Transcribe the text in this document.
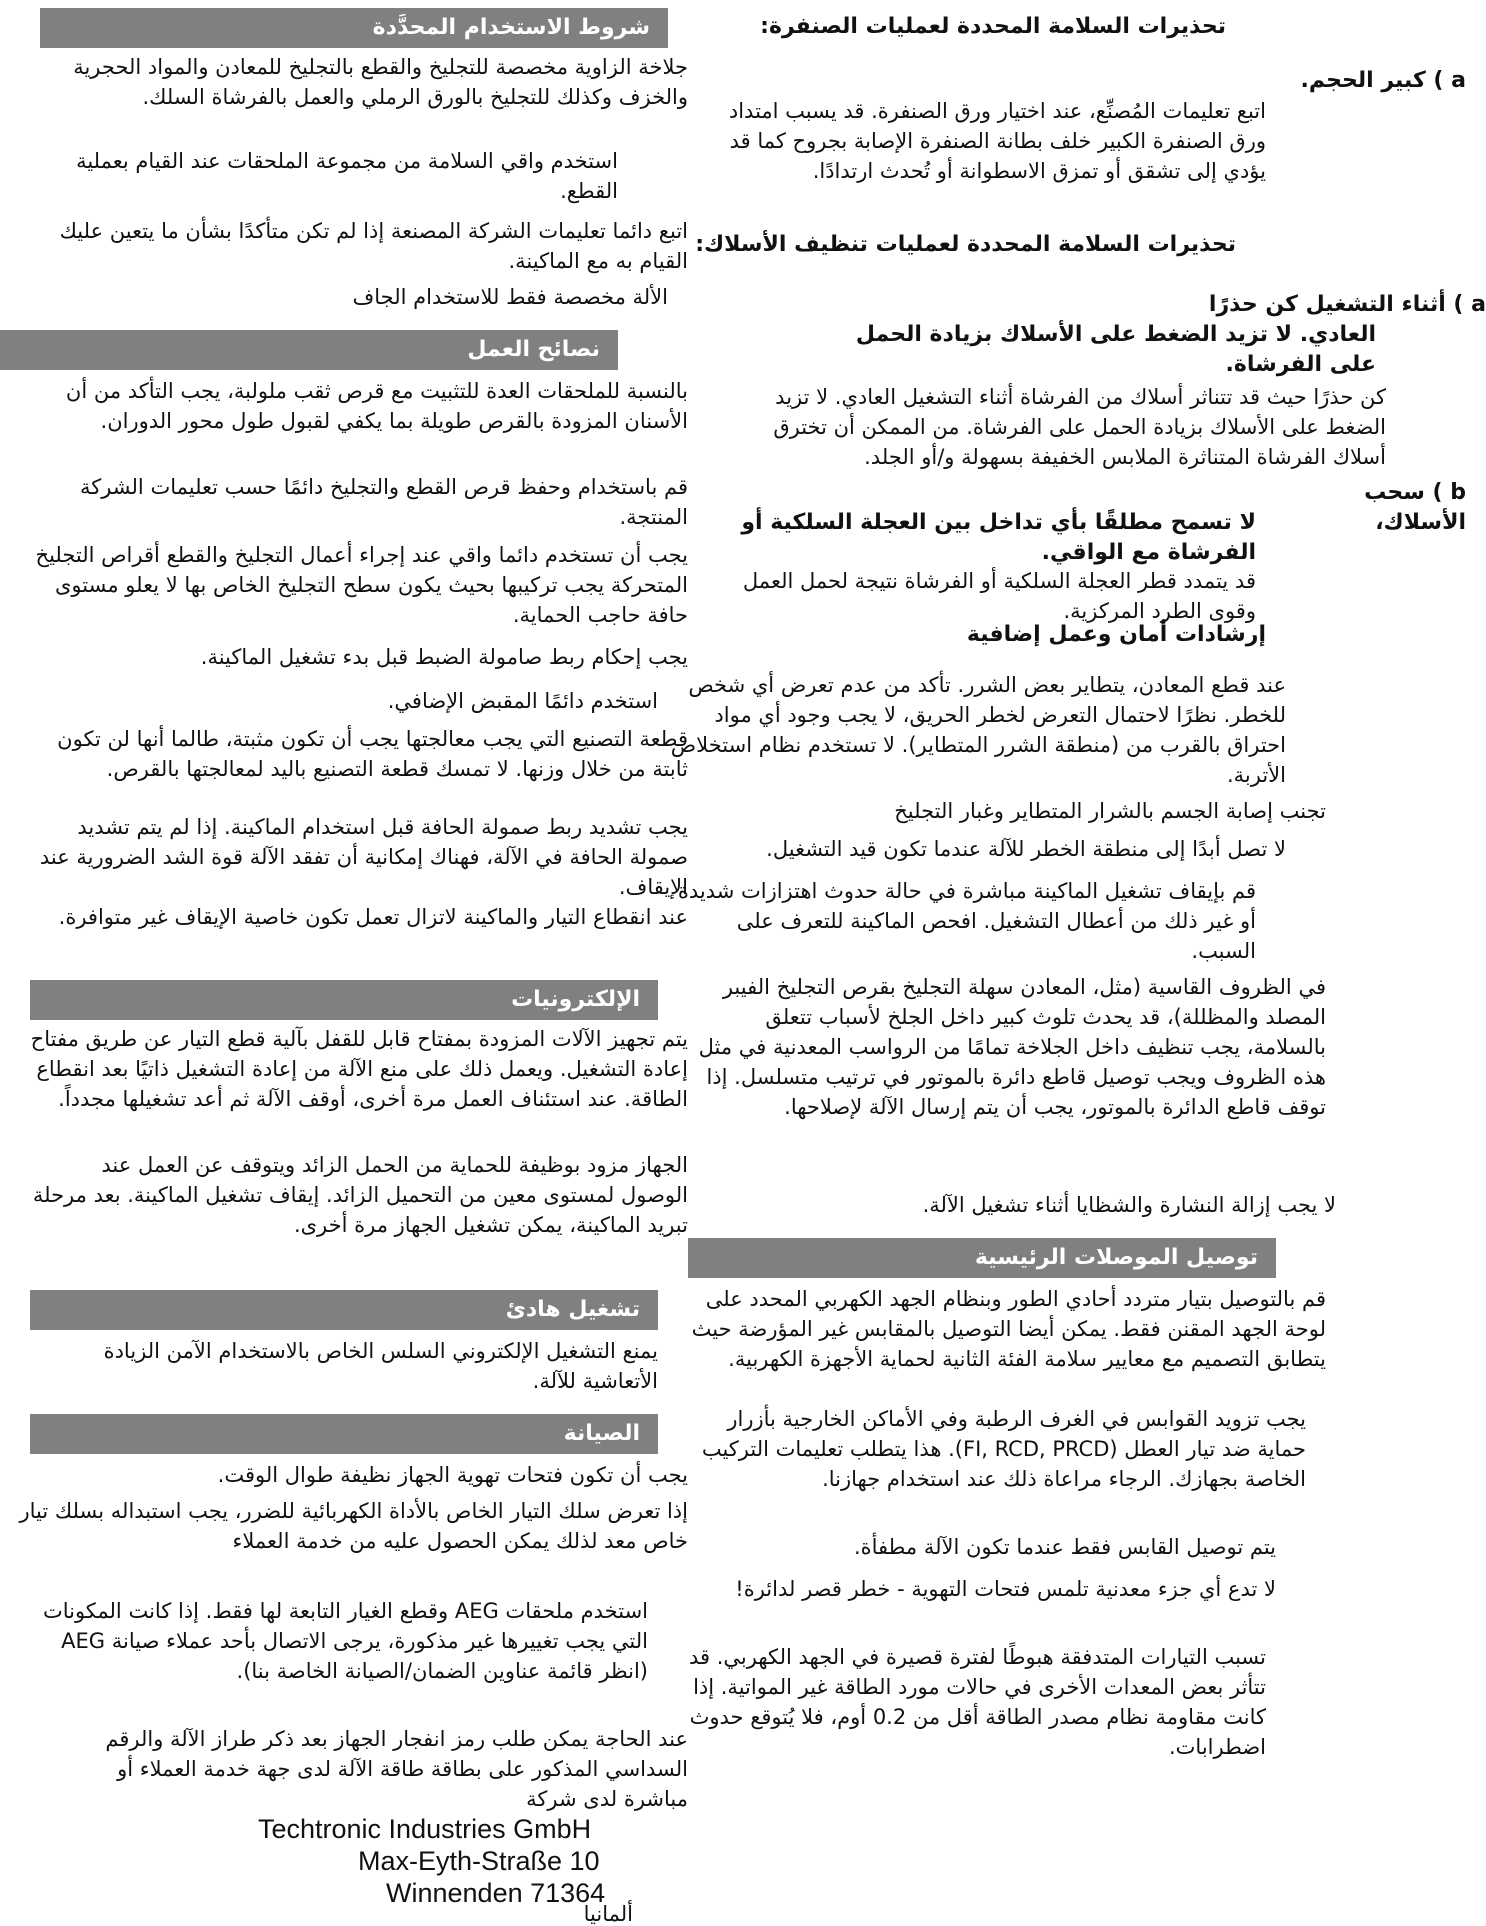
شروط الاستخدام المحدَّدة
جلاخة الزاوية مخصصة للتجليخ والقطع بالتجليخ للمعادن والمواد الحجرية والخزف وكذلك للتجليخ بالورق الرملي والعمل بالفرشاة السلك.
استخدم واقي السلامة من مجموعة الملحقات عند القيام بعملية القطع.
اتبع دائما تعليمات الشركة المصنعة إذا لم تكن متأكدًا بشأن ما يتعين عليك القيام به مع الماكينة.
الألة مخصصة فقط للاستخدام الجاف
نصائح العمل
بالنسبة للملحقات العدة للتثبيت مع قرص ثقب ملولبة، يجب التأكد من أن الأسنان المزودة بالقرص طويلة بما يكفي لقبول طول محور الدوران.
قم باستخدام وحفظ قرص القطع والتجليخ دائمًا حسب تعليمات الشركة المنتجة.
يجب أن تستخدم دائما واقي عند إجراء أعمال التجليخ والقطع أقراص التجليخ المتحركة يجب تركيبها بحيث يكون سطح التجليخ الخاص بها لا يعلو مستوى حافة حاجب الحماية.
يجب إحكام ربط صامولة الضبط قبل بدء تشغيل الماكينة.
استخدم دائمًا المقبض الإضافي.
قطعة التصنيع التي يجب معالجتها يجب أن تكون مثبتة، طالما أنها لن تكون ثابتة من خلال وزنها. لا تمسك قطعة التصنيع باليد لمعالجتها بالقرص.
يجب تشديد ربط صمولة الحافة قبل استخدام الماكينة. إذا لم يتم تشديد صمولة الحافة في الآلة، فهناك إمكانية أن تفقد الآلة قوة الشد الضرورية عند الإيقاف.
عند انقطاع التيار والماكينة لاتزال تعمل تكون خاصية الإيقاف غير متوافرة.
الإلكترونيات
يتم تجهيز الآلات المزودة بمفتاح قابل للقفل بآلية قطع التيار عن طريق مفتاح إعادة التشغيل. ويعمل ذلك على منع الآلة من إعادة التشغيل ذاتيًا بعد انقطاع الطاقة. عند استئناف العمل مرة أخرى، أوقف الآلة ثم أعد تشغيلها مجدداً.
الجهاز مزود بوظيفة للحماية من الحمل الزائد ويتوقف عن العمل عند الوصول لمستوى معين من التحميل الزائد. إيقاف تشغيل الماكينة. بعد مرحلة تبريد الماكينة، يمكن تشغيل الجهاز مرة أخرى.
تشغيل هادئ
يمنع التشغيل الإلكتروني السلس الخاص بالاستخدام الآمن الزيادة الأتعاشية للآلة.
الصيانة
يجب أن تكون فتحات تهوية الجهاز نظيفة طوال الوقت.
إذا تعرض سلك التيار الخاص بالأداة الكهربائية للضرر، يجب استبداله بسلك تيار خاص معد لذلك يمكن الحصول عليه من خدمة العملاء
استخدم ملحقات AEG وقطع الغيار التابعة لها فقط. إذا كانت المكونات التي يجب تغييرها غير مذكورة، يرجى الاتصال بأحد عملاء صيانة AEG (انظر قائمة عناوين الضمان/الصيانة الخاصة بنا).
عند الحاجة يمكن طلب رمز انفجار الجهاز بعد ذكر طراز الآلة والرقم السداسي المذكور على بطاقة طاقة الآلة لدى جهة خدمة العملاء أو مباشرة لدى شركة
Techtronic Industries GmbH
Max-Eyth-Straße 10
Winnenden 71364
ألمانيا
تحذيرات السلامة المحددة لعمليات الصنفرة:
a ) كبير الحجم.
اتبع تعليمات المُصنِّع، عند اختيار ورق الصنفرة. قد يسبب امتداد ورق الصنفرة الكبير خلف بطانة الصنفرة الإصابة بجروح كما قد يؤدي إلى تشقق أو تمزق الاسطوانة أو تُحدث ارتدادًا.
تحذيرات السلامة المحددة لعمليات تنظيف الأسلاك:
a ) أثناء التشغيل كن حذرًا
العادي. لا تزيد الضغط على الأسلاك بزيادة الحمل على الفرشاة.
كن حذرًا حيث قد تتناثر أسلاك من الفرشاة أثناء التشغيل العادي. لا تزيد الضغط على الأسلاك بزيادة الحمل على الفرشاة. من الممكن أن تخترق أسلاك الفرشاة المتناثرة الملابس الخفيفة بسهولة و/أو الجلد.
b ) سحب الأسلاك،
لا تسمح مطلقًا بأي تداخل بين العجلة السلكية أو الفرشاة مع الواقي.
قد يتمدد قطر العجلة السلكية أو الفرشاة نتيجة لحمل العمل وقوى الطرد المركزية.
إرشادات أمان وعمل إضافية
عند قطع المعادن، يتطاير بعض الشرر. تأكد من عدم تعرض أي شخص للخطر. نظرًا لاحتمال التعرض لخطر الحريق، لا يجب وجود أي مواد احتراق بالقرب من (منطقة الشرر المتطاير). لا تستخدم نظام استخلاص الأتربة.
تجنب إصابة الجسم بالشرار المتطاير وغبار التجليخ
لا تصل أبدًا إلى منطقة الخطر للآلة عندما تكون قيد التشغيل.
قم بإيقاف تشغيل الماكينة مباشرة في حالة حدوث اهتزازات شديدة أو غير ذلك من أعطال التشغيل. افحص الماكينة للتعرف على السبب.
في الظروف القاسية (مثل، المعادن سهلة التجليخ بقرص التجليخ الفيبر المصلد والمظللة)، قد يحدث تلوث كبير داخل الجلخ لأسباب تتعلق بالسلامة، يجب تنظيف داخل الجلاخة تمامًا من الرواسب المعدنية في مثل هذه الظروف ويجب توصيل قاطع دائرة بالموتور في ترتيب متسلسل. إذا توقف قاطع الدائرة بالموتور، يجب أن يتم إرسال الآلة لإصلاحها.
لا يجب إزالة النشارة والشظايا أثناء تشغيل الآلة.
توصيل الموصلات الرئيسية
قم بالتوصيل بتيار متردد أحادي الطور وبنظام الجهد الكهربي المحدد على لوحة الجهد المقنن فقط. يمكن أيضا التوصيل بالمقابس غير المؤرضة حيث يتطابق التصميم مع معايير سلامة الفئة الثانية لحماية الأجهزة الكهربية.
يجب تزويد القوابس في الغرف الرطبة وفي الأماكن الخارجية بأزرار حماية ضد تيار العطل (FI, RCD, PRCD). هذا يتطلب تعليمات التركيب الخاصة بجهازك. الرجاء مراعاة ذلك عند استخدام جهازنا.
يتم توصيل القابس فقط عندما تكون الآلة مطفأة.
لا تدع أي جزء معدنية تلمس فتحات التهوية - خطر قصر لدائرة!
تسبب التيارات المتدفقة هبوطًا لفترة قصيرة في الجهد الكهربي. قد تتأثر بعض المعدات الأخرى في حالات مورد الطاقة غير المواتية. إذا كانت مقاومة نظام مصدر الطاقة أقل من 0.2 أوم، فلا يُتوقع حدوث اضطرابات.
